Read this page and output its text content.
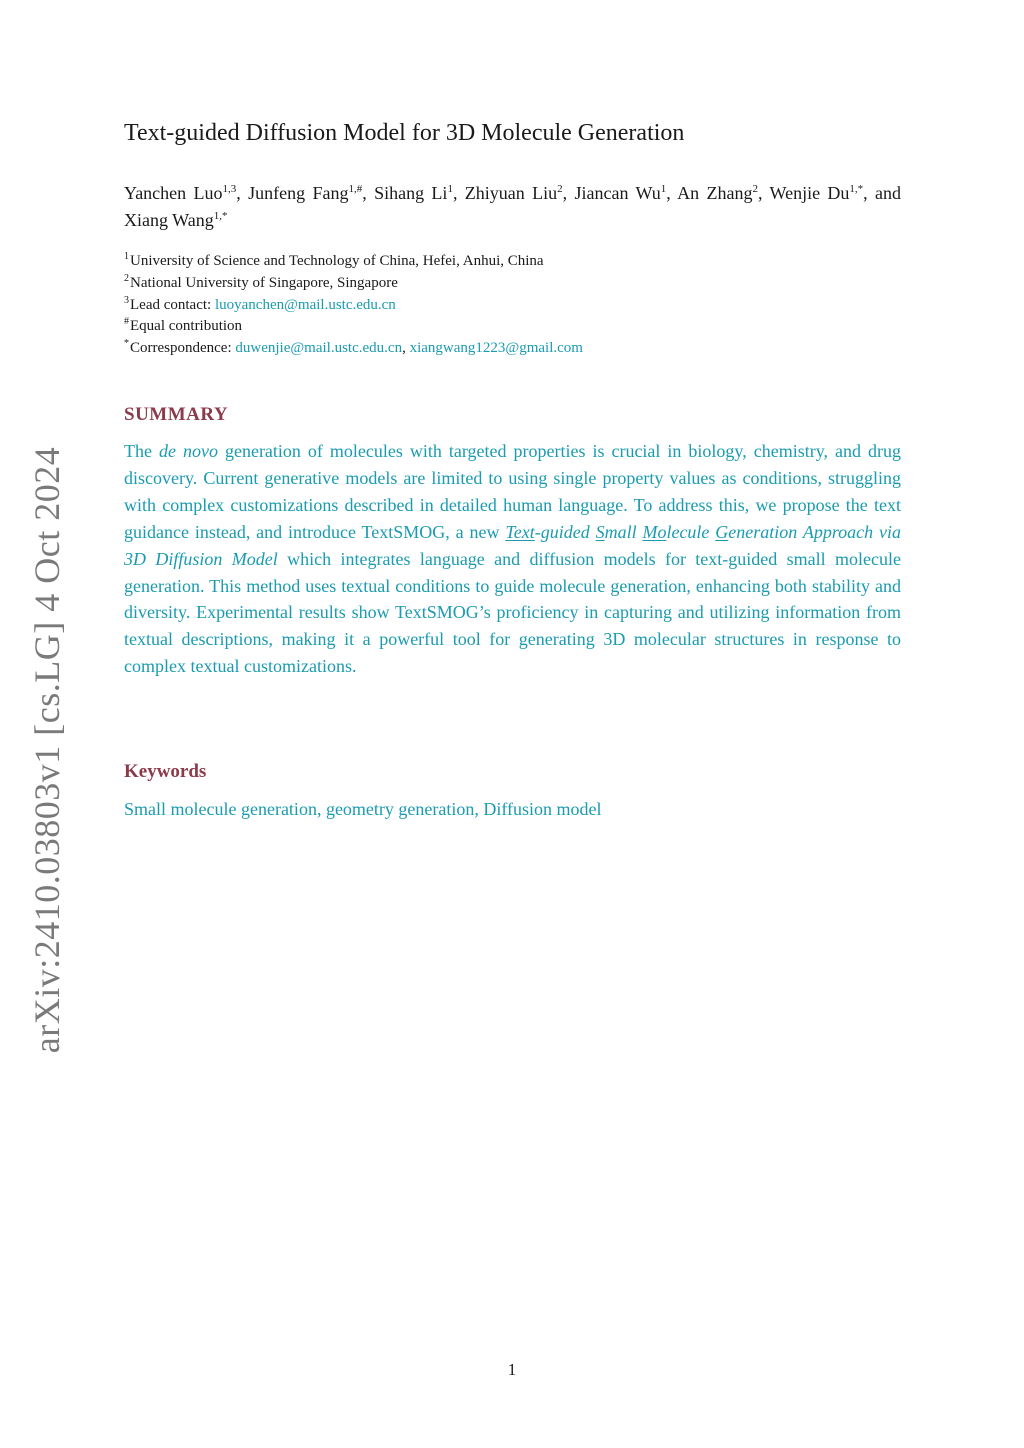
arXiv:2410.03803v1 [cs.LG] 4 Oct 2024
Text-guided Diffusion Model for 3D Molecule Generation
Yanchen Luo$^{1,3}$, Junfeng Fang$^{1,\#}$, Sihang Li$^1$, Zhiyuan Liu$^2$, Jiancan Wu$^1$, An Zhang$^2$, Wenjie $Du^{1,*}$, and Xiang Wang$^{1,*}$
$^1$University of Science and Technology of China, Hefei, Anhui, China
$^2$National University of Singapore, Singapore
$^3$Lead contact: luoyanchen@mail.ustc.edu.cn
#Equal contribution
*Correspondence: duwenjie@mail.ustc.edu.cn, xiangwang1223@gmail.com
SUMMARY

The de novo generation of molecules with targeted properties is crucial in biology, chemistry, and drug discovery. Current generative models are limited to using single property values as conditions, struggling with complex customizations described in detailed human language. To address this, we propose the text guidance instead, and introduce TextSMOG, a new Text-guided Small Molecule Generation Approach via 3D Diffusion Model which integrates language and diffusion models for text-guided small molecule generation. This method uses textual conditions to guide molecule generation, enhancing both stability and diversity. Experimental results show TextSMOG’s proficiency in capturing and utilizing information from textual descriptions, making it a powerful tool for generating 3D molecular structures in response to complex textual customizations.

Keywords

Small molecule generation, geometry generation, Diffusion model

1
